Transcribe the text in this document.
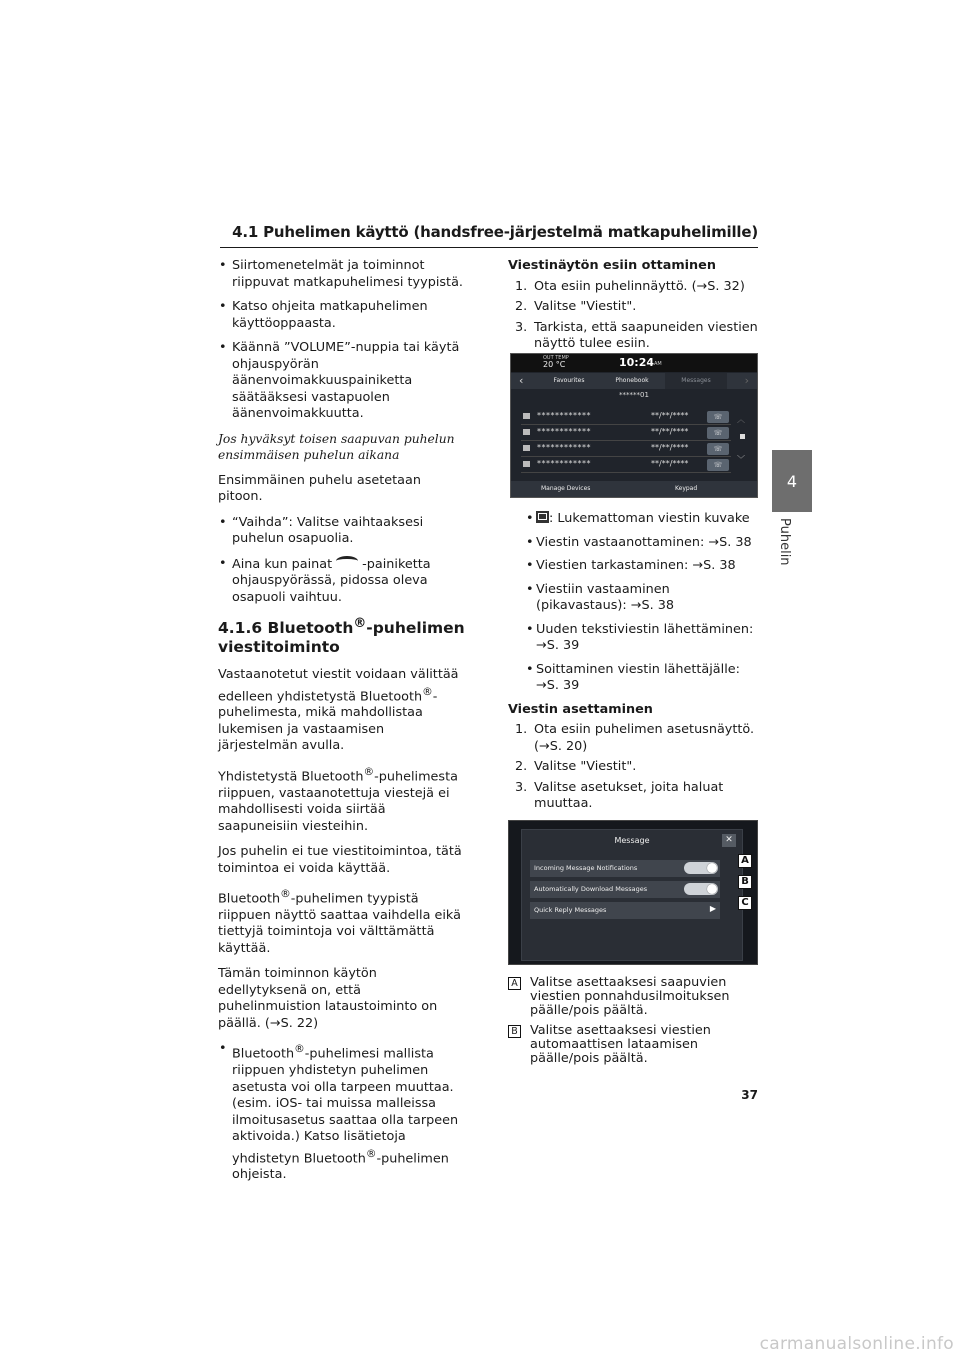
4.1 Puhelimen käyttö (handsfree-järjestelmä matkapuhelimille)
4
Puhelin
• Siirtomenetelmät ja toiminnot riippuvat matkapuhelimesi tyypistä.
• Katso ohjeita matkapuhelimen käyttöoppaasta.
• Käännä ”VOLUME”-nuppia tai käytä ohjauspyörän äänenvoimakkuuspainiketta säätääksesi vastapuolen äänenvoimakkuutta.
Jos hyväksyt toisen saapuvan puhelun ensimmäisen puhelun aikana
Ensimmäinen puhelu asetetaan pitoon.
• “Vaihda”: Valitse vaihtaaksesi puhelun osapuolia.
• Aina kun painat -painiketta ohjauspyörässä, pidossa oleva osapuoli vaihtuu.
4.1.6 Bluetooth®-puhelimen viestitoiminto
Vastaanotetut viestit voidaan välittää edelleen yhdistetystä Bluetooth®-puhelimesta, mikä mahdollistaa lukemisen ja vastaamisen järjestelmän avulla.
Yhdistetystä Bluetooth®-puhelimesta riippuen, vastaanotettuja viestejä ei mahdollisesti voida siirtää saapuneisiin viesteihin.
Jos puhelin ei tue viestitoimintoa, tätä toimintoa ei voida käyttää.
Bluetooth®-puhelimen tyypistä riippuen näyttö saattaa vaihdella eikä tiettyjä toimintoja voi välttämättä käyttää.
Tämän toiminnon käytön edellytyksenä on, että puhelinmuistion lataustoiminto on päällä. (→S. 22)
• Bluetooth®-puhelimesi mallista riippuen yhdistetyn puhelimen asetusta voi olla tarpeen muuttaa. (esim. iOS- tai muissa malleissa ilmoitusasetus saattaa olla tarpeen aktivoida.) Katso lisätietoja yhdistetyn Bluetooth®-puhelimen ohjeista.
Viestinäytön esiin ottaminen
1. Ota esiin puhelinnäyttö. (→S. 32)
2. Valitse "Viestit".
3. Tarkista, että saapuneiden viestien näyttö tulee esiin.
OUT TEMP
20 °C	10:24 AM
‹	Favourites	Phonebook	Messages	›
******01
************	**/**/****	☏
************	**/**/****	☏
************	**/**/****	☏
************	**/**/****	☏
︿
﹀
Manage Devices	Keypad
• : Lukemattoman viestin kuvake
• Viestin vastaanottaminen: →S. 38
• Viestien tarkastaminen: →S. 38
• Viestiin vastaaminen (pikavastaus): →S. 38
• Uuden tekstiviestin lähettäminen: →S. 39
• Soittaminen viestin lähettäjälle: →S. 39
Viestin asettaminen
1. Ota esiin puhelimen asetusnäyttö. (→S. 20)
2. Valitse "Viestit".
3. Valitse asetukset, joita haluat muuttaa.
Message	✕
Incoming Message Notifications
Automatically Download Messages
Quick Reply Messages	▶
A
B
C
A Valitse asettaaksesi saapuvien viestien ponnahdusilmoituksen päälle/pois päältä.
B Valitse asettaaksesi viestien automaattisen lataamisen päälle/pois päältä.
37
carmanualsonline.info
